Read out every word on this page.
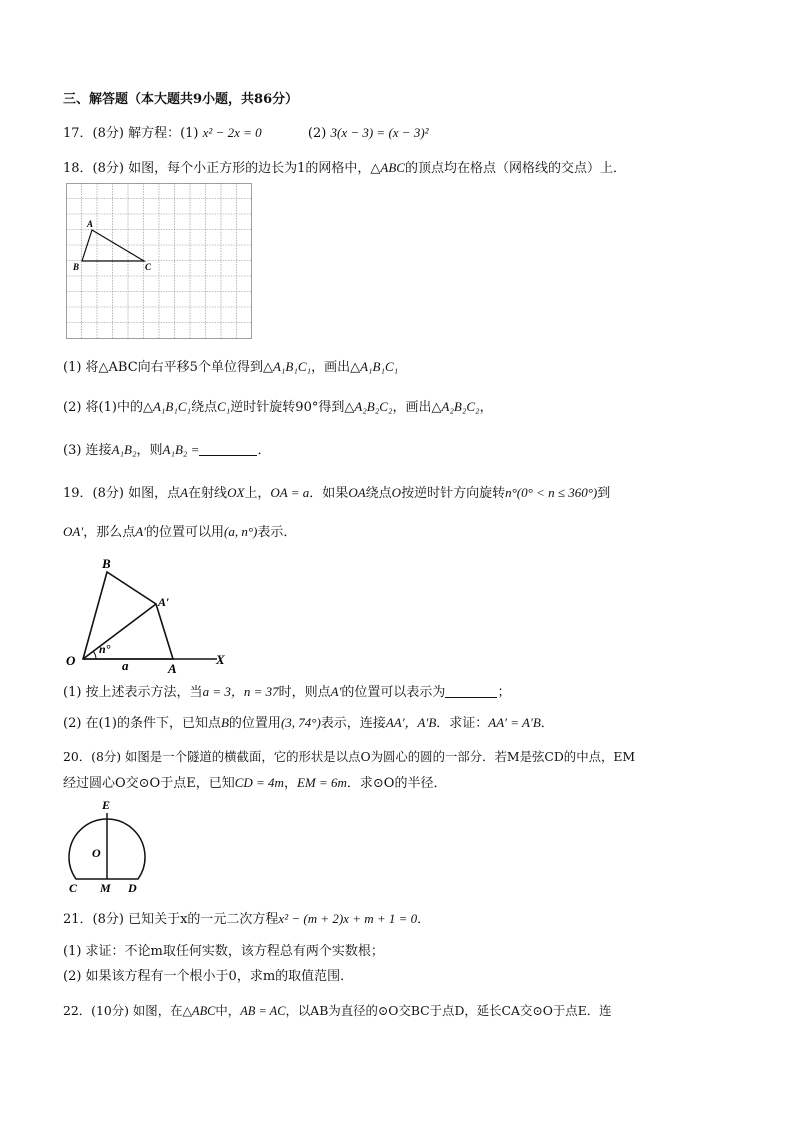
三、解答题（本大题共9小题，共86分）
17．(8分) 解方程：(1) x² − 2x = 0	(2) 3(x − 3) = (x − 3)²
18．(8分) 如图，每个小正方形的边长为1的网格中，△ABC的顶点均在格点（网格线的交点）上．
A
B	C
(1) 将△ABC向右平移5个单位得到△A₁B₁C₁，画出△A₁B₁C₁
(2) 将(1)中的△A₁B₁C₁绕点C₁逆时针旋转90°得到△A₂B₂C₂，画出△A₂B₂C₂，
(3) 连接A₁B₂，则A₁B₂ =	．
19．(8分) 如图，点A在射线OX上，OA = a．如果OA绕点O按逆时针方向旋转n°(0° < n ≤ 360°)到
OA′，那么点A′的位置可以用(a, n°)表示．
B
A′
n°
O	a	A
X
(1) 按上述表示方法，当a = 3，n = 37时，则点A′的位置可以表示为	；
(2) 在(1)的条件下，已知点B的位置用(3, 74°)表示，连接AA′，A′B．求证：AA′ = A′B．
20．(8分) 如图是一个隧道的横截面，它的形状是以点O为圆心的圆的一部分．若M是弦CD的中点，EM
经过圆心O交⊙O于点E，已知CD = 4m，EM = 6m．求⊙O的半径．
E
O
C M D
21．(8分) 已知关于x的一元二次方程x² − (m + 2)x + m + 1 = 0．
(1) 求证：不论m取任何实数，该方程总有两个实数根；
(2) 如果该方程有一个根小于0，求m的取值范围．
22．(10分) 如图，在△ABC中，AB = AC，以AB为直径的⊙O交BC于点D，延长CA交⊙O于点E．连
